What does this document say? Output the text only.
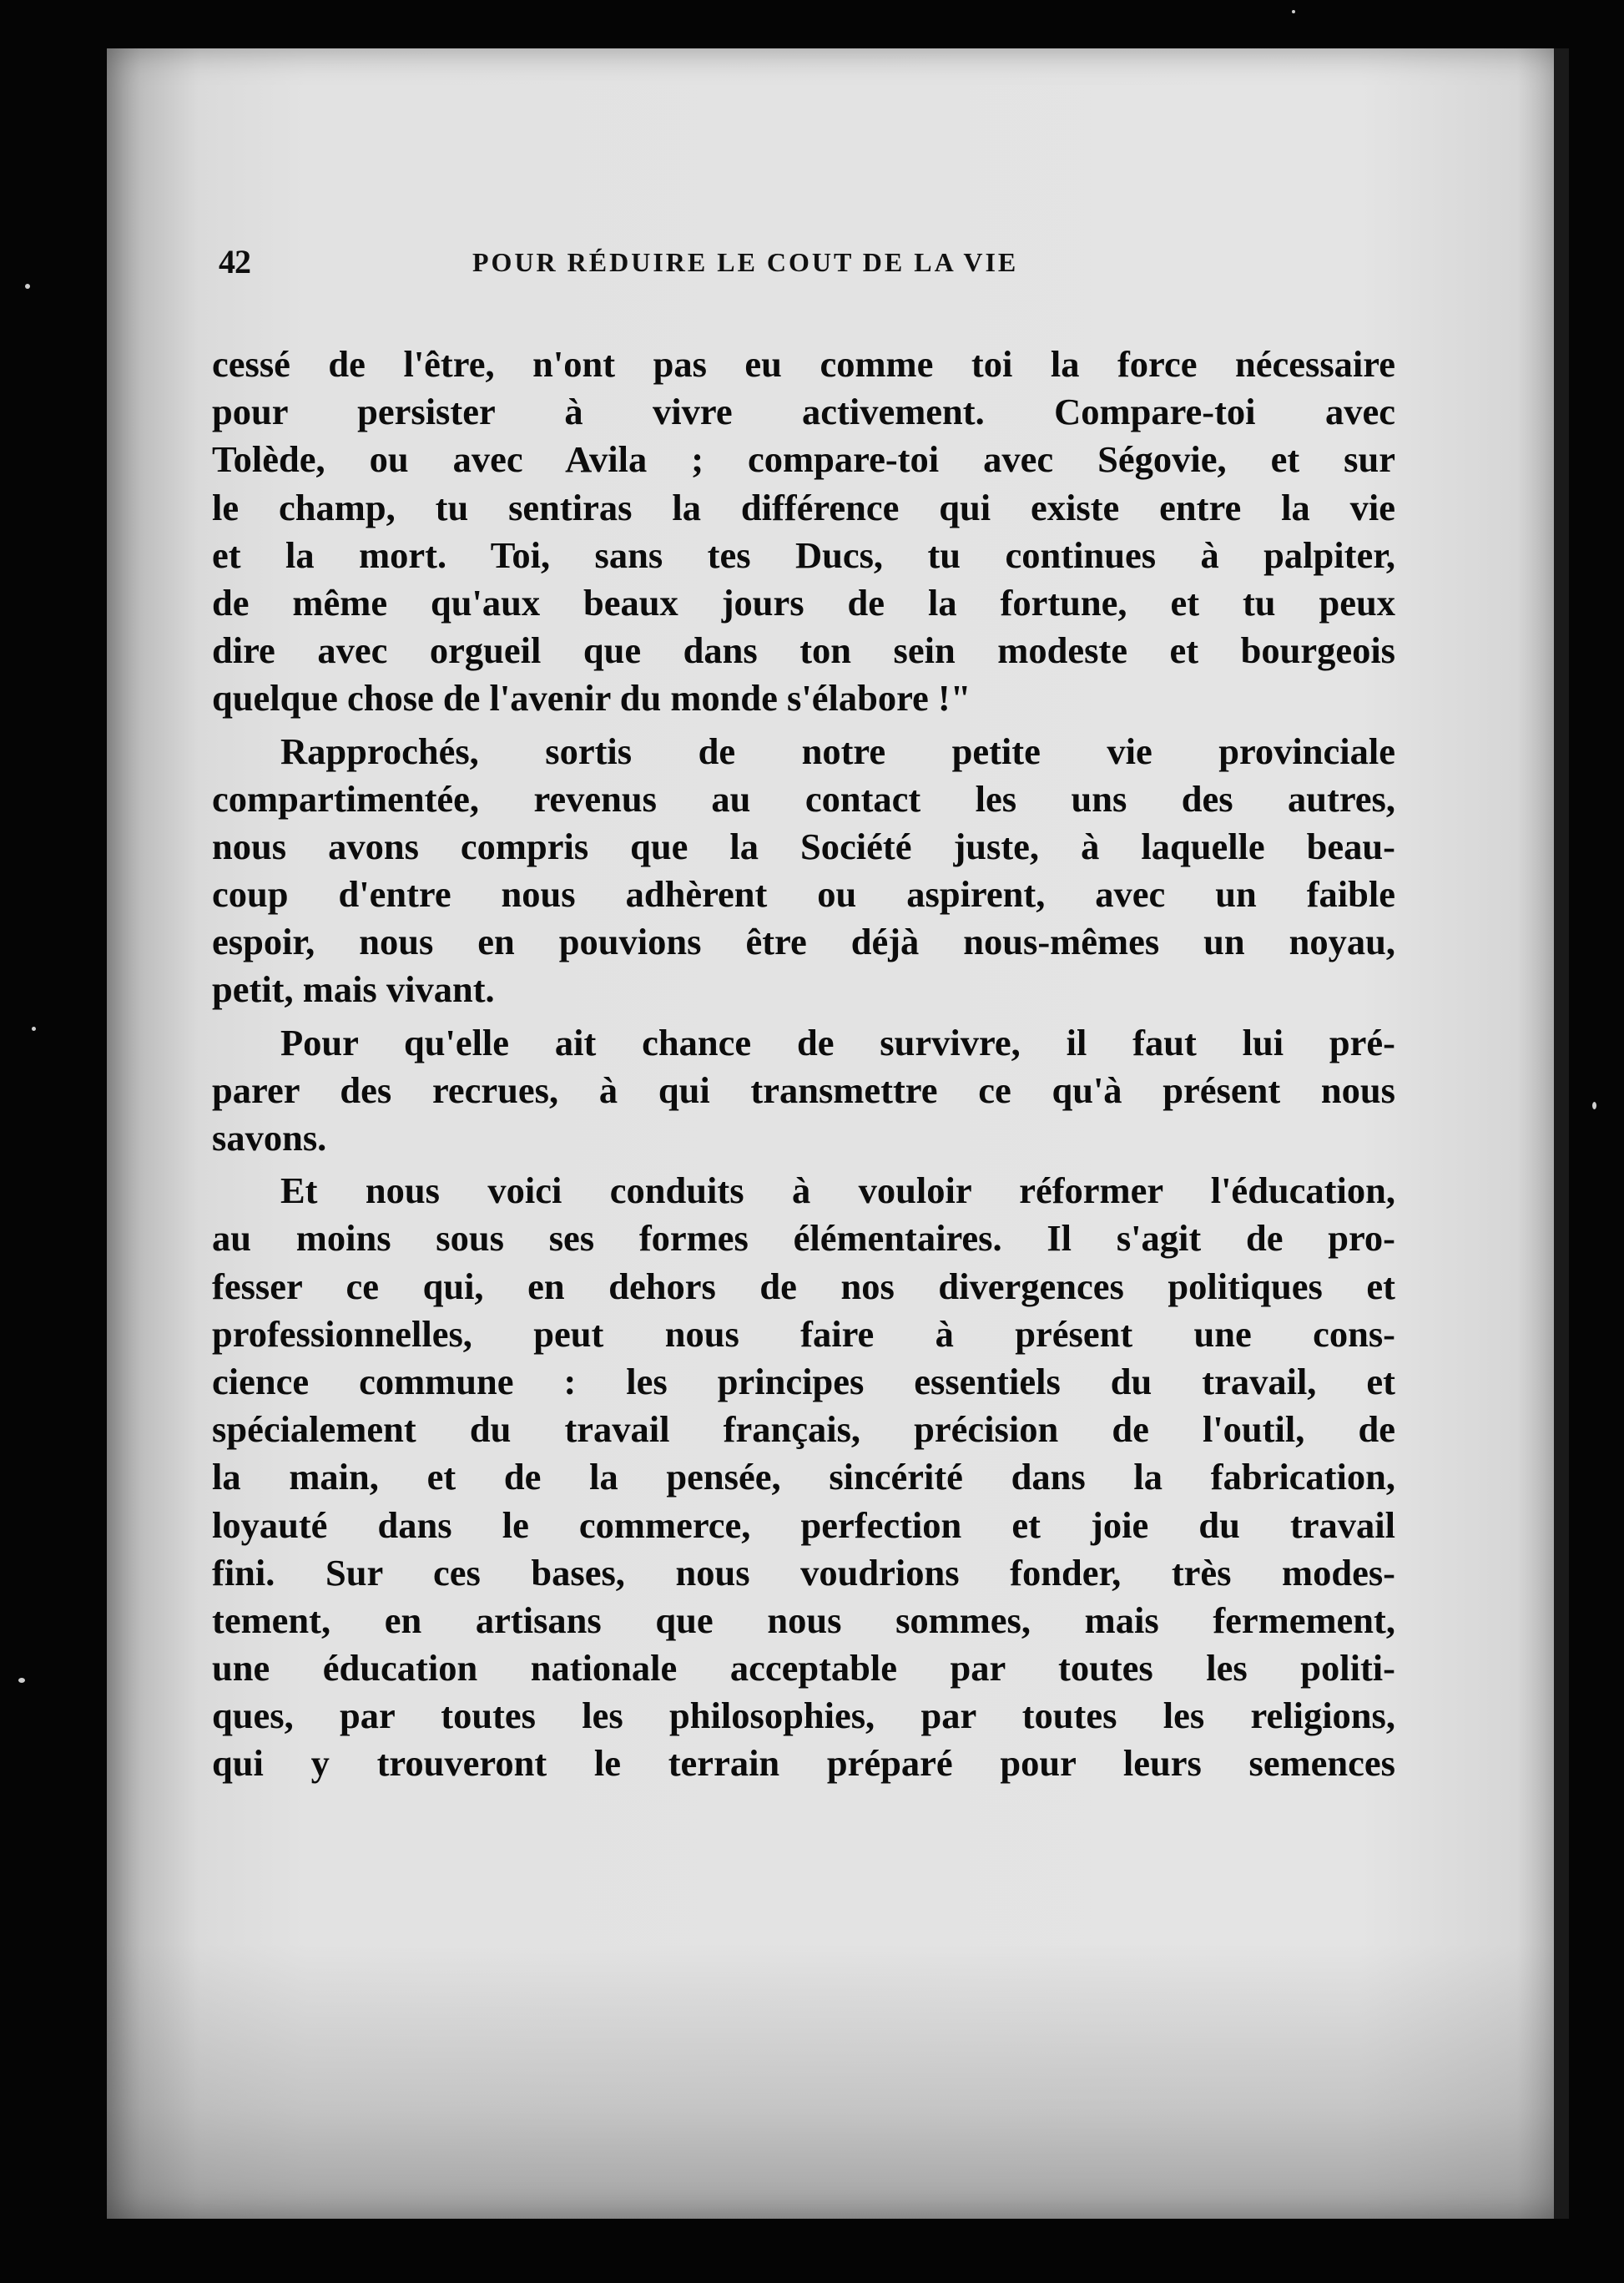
42	POUR RÉDUIRE LE COUT DE LA VIE
cessé de l'être, n'ont pas eu comme toi la force nécessaire
pour persister à vivre activement. Compare-toi avec
Tolède, ou avec Avila ; compare-toi avec Ségovie, et sur
le champ, tu sentiras la différence qui existe entre la vie
et la mort. Toi, sans tes Ducs, tu continues à palpiter,
de même qu'aux beaux jours de la fortune, et tu peux
dire avec orgueil que dans ton sein modeste et bourgeois
quelque chose de l'avenir du monde s'élabore !"
Rapprochés, sortis de notre petite vie provinciale
compartimentée, revenus au contact les uns des autres,
nous avons compris que la Société juste, à laquelle beau-
coup d'entre nous adhèrent ou aspirent, avec un faible
espoir, nous en pouvions être déjà nous-mêmes un noyau,
petit, mais vivant.
Pour qu'elle ait chance de survivre, il faut lui pré-
parer des recrues, à qui transmettre ce qu'à présent nous
savons.
Et nous voici conduits à vouloir réformer l'éducation,
au moins sous ses formes élémentaires. Il s'agit de pro-
fesser ce qui, en dehors de nos divergences politiques et
professionnelles, peut nous faire à présent une cons-
cience commune : les principes essentiels du travail, et
spécialement du travail français, précision de l'outil, de
la main, et de la pensée, sincérité dans la fabrication,
loyauté dans le commerce, perfection et joie du travail
fini. Sur ces bases, nous voudrions fonder, très modes-
tement, en artisans que nous sommes, mais fermement,
une éducation nationale acceptable par toutes les politi-
ques, par toutes les philosophies, par toutes les religions,
qui y trouveront le terrain préparé pour leurs semences
